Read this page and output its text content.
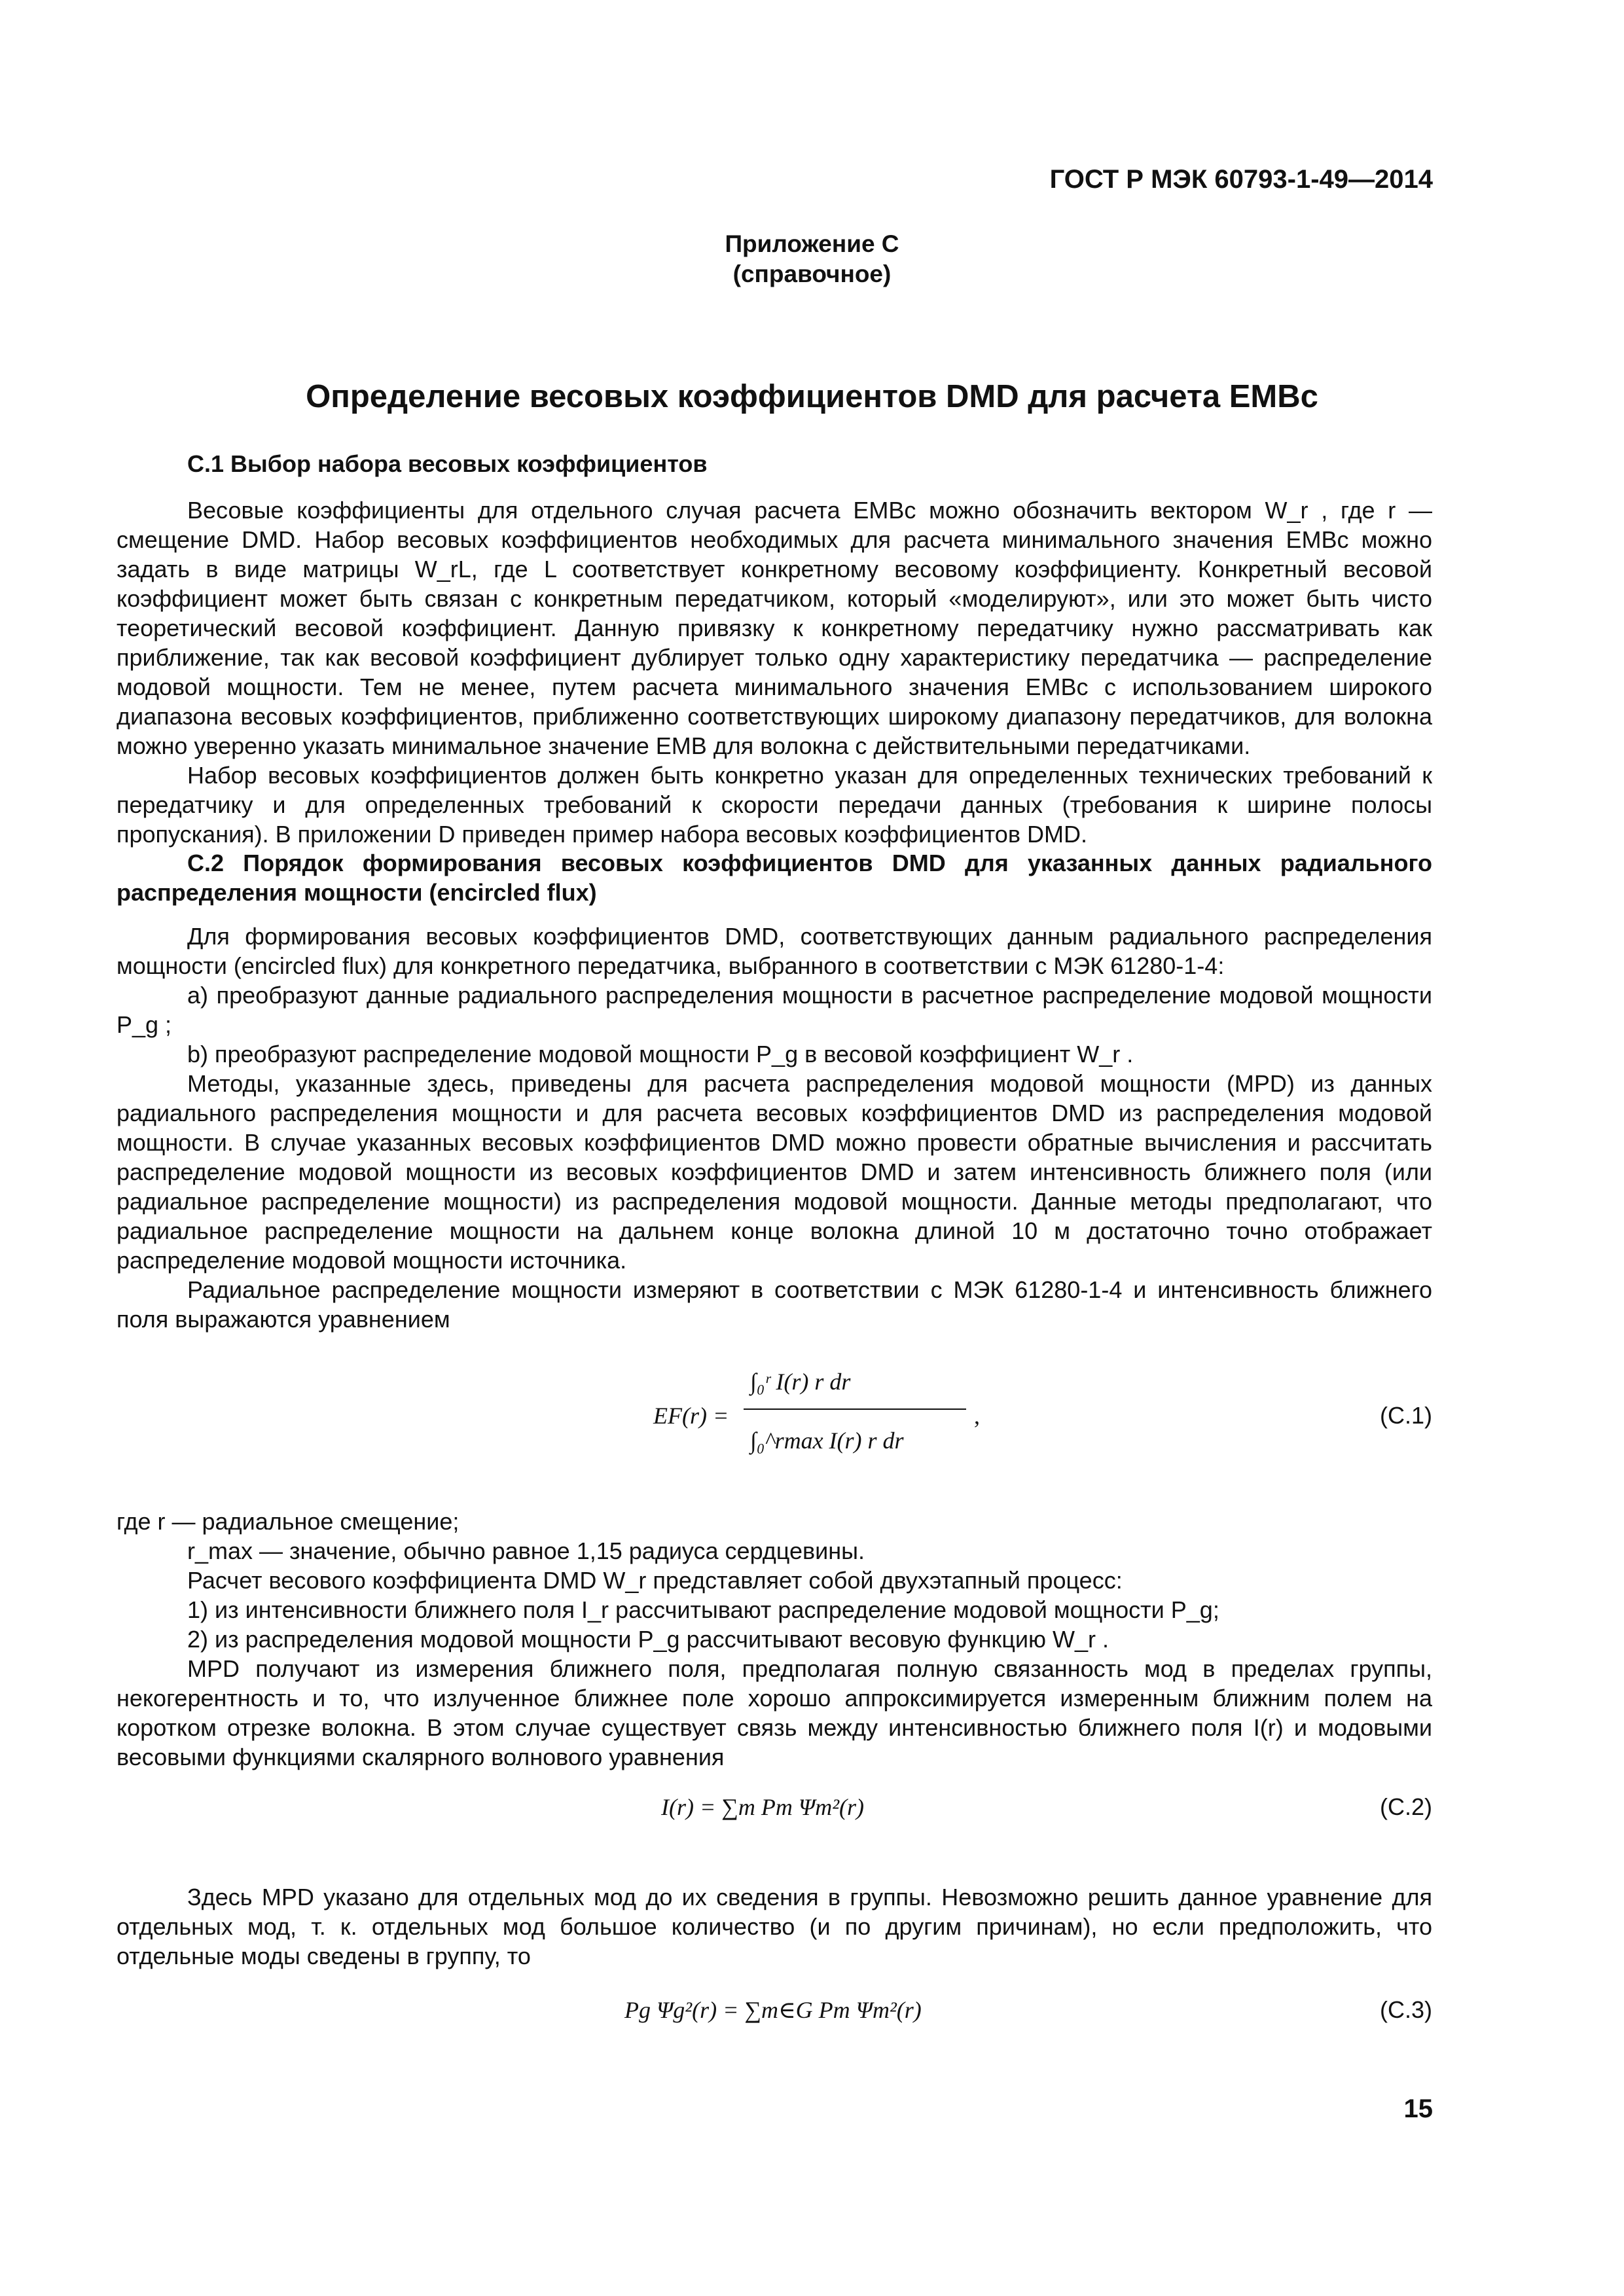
ГОСТ Р МЭК 60793-1-49—2014
Приложение С
(справочное)
Определение весовых коэффициентов DMD для расчета EMBc

С.1 Выбор набора весовых коэффициентов

Весовые коэффициенты для отдельного случая расчета EMBc можно обозначить вектором W_r , где r — смещение DMD. Набор весовых коэффициентов необходимых для расчета минимального значения EMBc можно задать в виде матрицы W_rL, где L соответствует конкретному весовому коэффициенту. Конкретный весовой коэффициент может быть связан с конкретным передатчиком, который «моделируют», или это может быть чисто теоретический весовой коэффициент. Данную привязку к конкретному передатчику нужно рассматривать как приближение, так как весовой коэффициент дублирует только одну характеристику передатчика — распределение модовой мощности. Тем не менее, путем расчета минимального значения EMBc с использованием широкого диапазона весовых коэффициентов, приближенно соответствующих широкому диапазону передатчиков, для волокна можно уверенно указать минимальное значение EMB для волокна с действительными передатчиками.

Набор весовых коэффициентов должен быть конкретно указан для определенных технических требований к передатчику и для определенных требований к скорости передачи данных (требования к ширине полосы пропускания). В приложении D приведен пример набора весовых коэффициентов DMD.

С.2 Порядок формирования весовых коэффициентов DMD для указанных данных радиального распределения мощности (encircled flux)

Для формирования весовых коэффициентов DMD, соответствующих данным радиального распределения мощности (encircled flux) для конкретного передатчика, выбранного в соответствии с МЭК 61280-1-4:

а) преобразуют данные радиального распределения мощности в расчетное распределение модовой мощности P_g ;

b) преобразуют распределение модовой мощности P_g в весовой коэффициент W_r .

Методы, указанные здесь, приведены для расчета распределения модовой мощности (MPD) из данных радиального распределения мощности и для расчета весовых коэффициентов DMD из распределения модовой мощности. В случае указанных весовых коэффициентов DMD можно провести обратные вычисления и рассчитать распределение модовой мощности из весовых коэффициентов DMD и затем интенсивность ближнего поля (или радиальное распределение мощности) из распределения модовой мощности. Данные методы предполагают, что радиальное распределение мощности на дальнем конце волокна длиной 10 м достаточно точно отображает распределение модовой мощности источника.

Радиальное распределение мощности измеряют в соответствии с МЭК 61280-1-4 и интенсивность ближнего поля выражаются уравнением

EF(r) =
∫₀ʳ I(r) r dr
∫₀^rmax I(r) r dr
,	(С.1)

где r — радиальное смещение;

r_max — значение, обычно равное 1,15 радиуса сердцевины.

Расчет весового коэффициента DMD W_r представляет собой двухэтапный процесс:

1) из интенсивности ближнего поля I_r рассчитывают распределение модовой мощности P_g;

2) из распределения модовой мощности P_g рассчитывают весовую функцию W_r .

MPD получают из измерения ближнего поля, предполагая полную связанность мод в пределах группы, некогерентность и то, что излученное ближнее поле хорошо аппроксимируется измеренным ближним полем на коротком отрезке волокна. В этом случае существует связь между интенсивностью ближнего поля I(r) и модовыми весовыми функциями скалярного волнового уравнения

I(r) = ∑m Pm Ψm²(r)	(С.2)

Здесь MPD указано для отдельных мод до их сведения в группы. Невозможно решить данное уравнение для отдельных мод, т. к. отдельных мод большое количество (и по другим причинам), но если предположить, что отдельные моды сведены в группу, то

Pg Ψg²(r) = ∑m∈G Pm Ψm²(r)	(С.3)
15
